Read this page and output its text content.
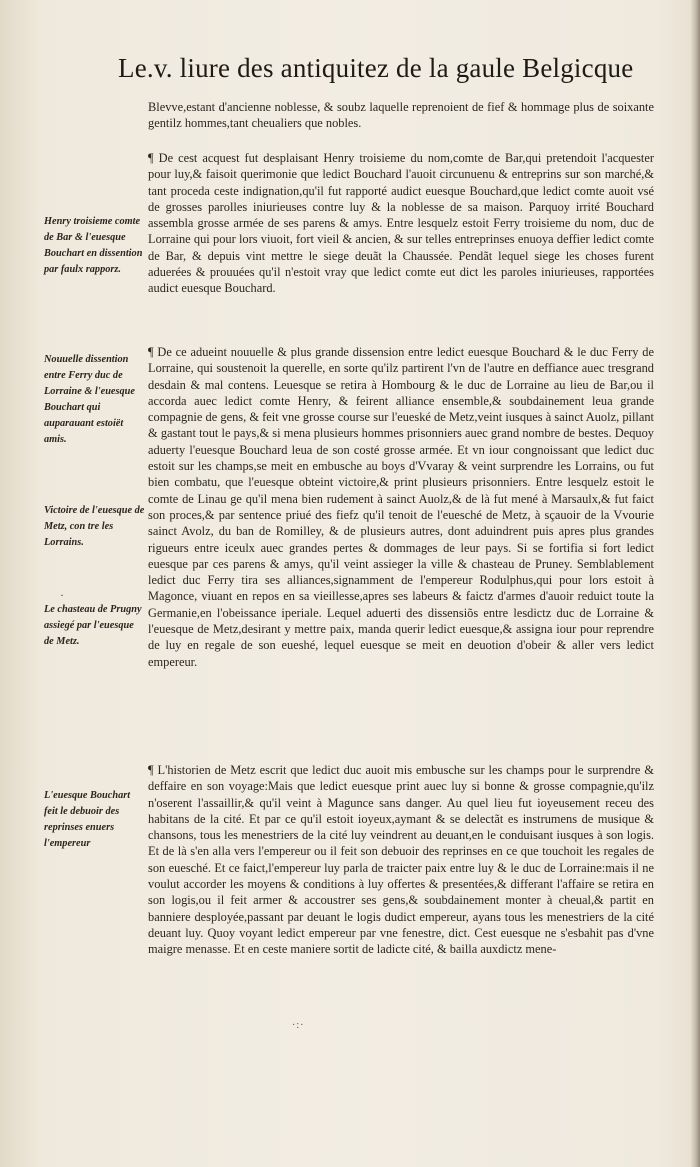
Le.v. liure des antiquitez de la gaule Belgicque

Blevve,estant d'ancienne noblesse, & soubz laquelle reprenoient de fief & hommage plus de soixante gentilz hommes,tant cheualiers que nobles.

¶ De cest acquest fut desplaisant Henry troisieme du nom,comte de Bar,qui pretendoit l'acquester pour luy,& faisoit querimonie que ledict Bouchard l'auoit circunuenu & entreprins sur son marché,& tant proceda ceste indignation,qu'il fut rapporté audict euesque Bouchard,que ledict comte auoit vsé de grosses parolles iniurieuses contre luy & la noblesse de sa maison. Parquoy irrité Bouchard assembla grosse armée de ses parens & amys. Entre lesquelz estoit Ferry troisieme du nom, duc de Lorraine qui pour lors viuoit, fort vieil & ancien, & sur telles entreprinses enuoya deffier ledict comte de Bar, & depuis vint mettre le siege deuãt la Chaussée. Pendãt lequel siege les choses furent aduerées & prouuées qu'il n'estoit vray que ledict comte eut dict les paroles iniurieuses, rapportées audict euesque Bouchard.

¶ De ce adueint nouuelle & plus grande dissension entre ledict euesque Bouchard & le duc Ferry de Lorraine, qui soustenoit la querelle, en sorte qu'ilz partirent l'vn de l'autre en deffiance auec tresgrand desdain & mal contens. Leuesque se retira à Hombourg & le duc de Lorraine au lieu de Bar,ou il accorda auec ledict comte Henry, & feirent alliance ensemble,& soubdainement leua grande compagnie de gens, & feit vne grosse course sur l'eueské de Metz,veint iusques à sainct Auolz, pillant & gastant tout le pays,& si mena plusieurs hommes prisonniers auec grand nombre de bestes. Dequoy aduerty l'euesque Bouchard leua de son costé grosse armée. Et vn iour congnoissant que ledict duc estoit sur les champs,se meit en embusche au boys d'Vvaray & veint surprendre les Lorrains, ou fut bien combatu, que l'euesque obteint victoire,& print plusieurs prisonniers. Entre lesquelz estoit le comte de Linau ge qu'il mena bien rudement à sainct Auolz,& de là fut mené à Marsaulx,& fut faict son proces,& par sentence priué des fiefz qu'il tenoit de l'euesché de Metz, à sçauoir de la Vvourie sainct Avolz, du ban de Romilley, & de plusieurs autres, dont aduindrent puis apres plus grandes rigueurs entre iceulx auec grandes pertes & dommages de leur pays. Si se fortifia si fort ledict euesque par ces parens & amys, qu'il veint assieger la ville & chasteau de Pruney. Semblablement ledict duc Ferry tira ses alliances,signamment de l'empereur Rodulphus,qui pour lors estoit à Magonce, viuant en repos en sa vieillesse,apres ses labeurs & faictz d'armes d'auoir reduict toute la Germanie,en l'obeissance iperiale. Lequel aduerti des dissensiõs entre lesdictz duc de Lorraine & l'euesque de Metz,desirant y mettre paix, manda querir ledict euesque,& assigna iour pour reprendre de luy en regale de son eueshé, lequel euesque se meit en deuotion d'obeir & aller vers ledict empereur.

¶ L'historien de Metz escrit que ledict duc auoit mis embusche sur les champs pour le surprendre & deffaire en son voyage:Mais que ledict euesque print auec luy si bonne & grosse compagnie,qu'ilz n'oserent l'assaillir,& qu'il veint à Magunce sans danger. Au quel lieu fut ioyeusement receu des habitans de la cité. Et par ce qu'il estoit ioyeux,aymant & se delectãt es instrumens de musique & chansons, tous les menestriers de la cité luy veindrent au deuant,en le conduisant iusques à son logis. Et de là s'en alla vers l'empereur ou il feit son debuoir des reprinses en ce que touchoit les regales de son euesché. Et ce faict,l'empereur luy parla de traicter paix entre luy & le duc de Lorraine:mais il ne voulut accorder les moyens & conditions à luy offertes & presentées,& differant l'affaire se retira en son logis,ou il feit armer & accoustrer ses gens,& soubdainement monter à cheual,& partit en banniere desployée,passant par deuant le logis dudict empereur, ayans tous les menestriers de la cité deuant luy. Quoy voyant ledict empereur par vne fenestre, dict. Cest euesque ne s'esbahit pas d'vne maigre menasse. Et en ceste maniere sortit de ladicte cité, & bailla auxdictz mene-

Henry troisieme comte de Bar & l'euesque Bouchart en dissention par faulx rapporz.

Nouuelle dissention entre Ferry duc de Lorraine & l'euesque Bouchart qui auparauant estoiët amis.

Victoire de l'euesque de Metz, con tre les Lorrains.

Le chasteau de Prugny assiegé par l'euesque de Metz.

L'euesque Bouchart feit le debuoir des reprinses enuers l'empereur

·
·:·
